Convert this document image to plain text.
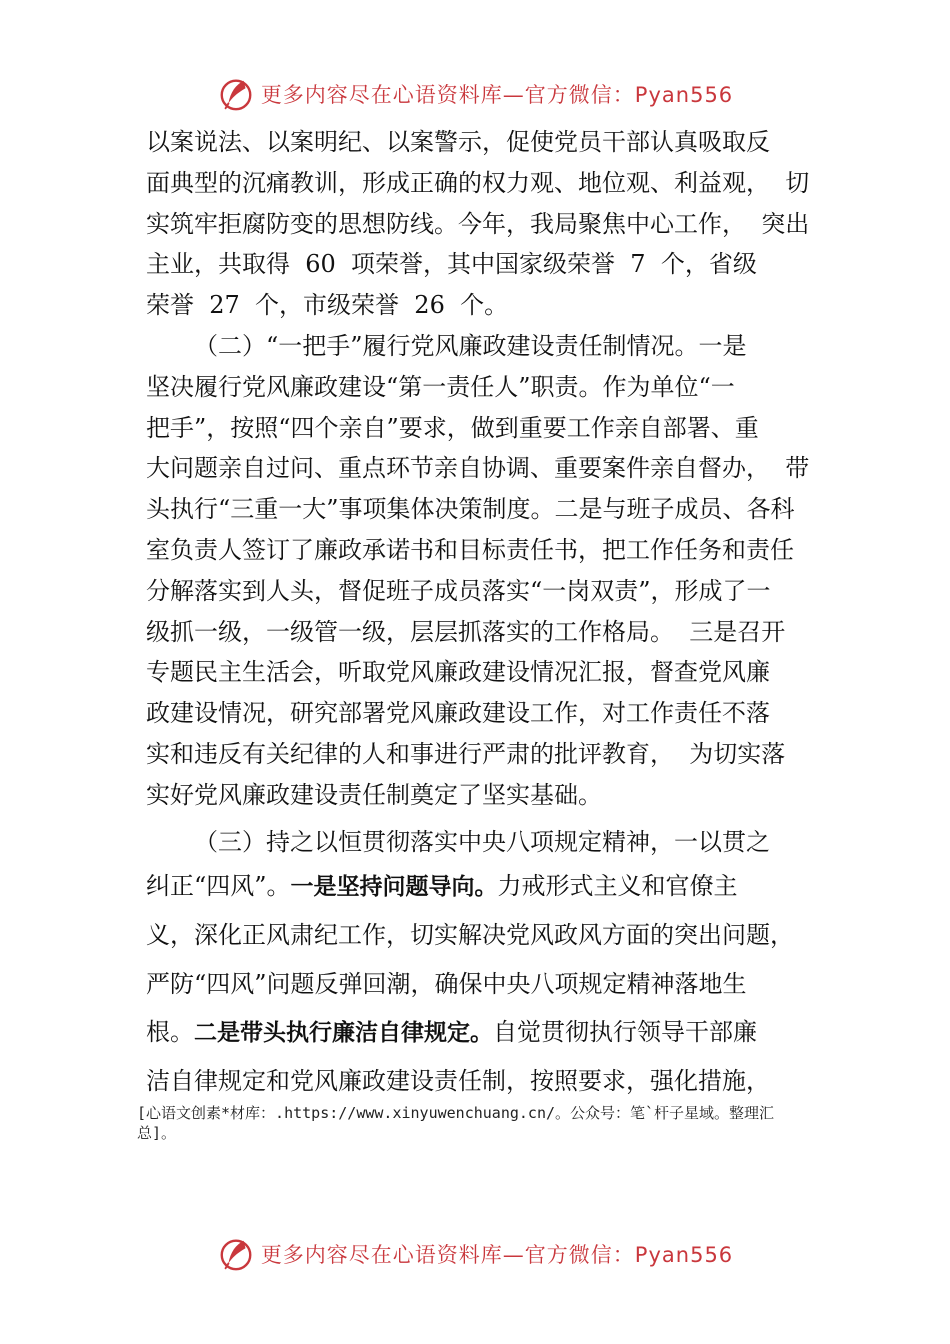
更多内容尽在心语资料库—官方微信：Pyan556
以案说法、以案明纪、以案警示，促使党员干部认真吸取反
面典型的沉痛教训，形成正确的权力观、地位观、利益观，  切
实筑牢拒腐防变的思想防线。今年，我局聚焦中心工作，  突出
主业，共取得  60  项荣誉，其中国家级荣誉  7  个，省级
荣誉  27  个，市级荣誉  26  个。
（二）“一把手”履行党风廉政建设责任制情况。一是
坚决履行党风廉政建设“第一责任人”职责。作为单位“一
把手”，按照“四个亲自”要求，做到重要工作亲自部署、重
大问题亲自过问、重点环节亲自协调、重要案件亲自督办，  带
头执行“三重一大”事项集体决策制度。二是与班子成员、各科
室负责人签订了廉政承诺书和目标责任书，把工作任务和责任
分解落实到人头，督促班子成员落实“一岗双责”，形成了一
级抓一级，一级管一级，层层抓落实的工作格局。  三是召开
专题民主生活会，听取党风廉政建设情况汇报，督查党风廉
政建设情况，研究部署党风廉政建设工作，对工作责任不落
实和违反有关纪律的人和事进行严肃的批评教育，  为切实落
实好党风廉政建设责任制奠定了坚实基础。
（三）持之以恒贯彻落实中央八项规定精神，一以贯之
纠正“四风”。一是坚持问题导向。力戒形式主义和官僚主
义，深化正风肃纪工作，切实解决党风政风方面的突出问题，
严防“四风”问题反弹回潮，确保中央八项规定精神落地生
根。二是带头执行廉洁自律规定。自觉贯彻执行领导干部廉
洁自律规定和党风廉政建设责任制，按照要求，强化措施，
[心语文创素*材库：.https://www.xinyuwenchuang.cn/。公众号：笔`杆子星域。整理汇
总]。
更多内容尽在心语资料库—官方微信：Pyan556
